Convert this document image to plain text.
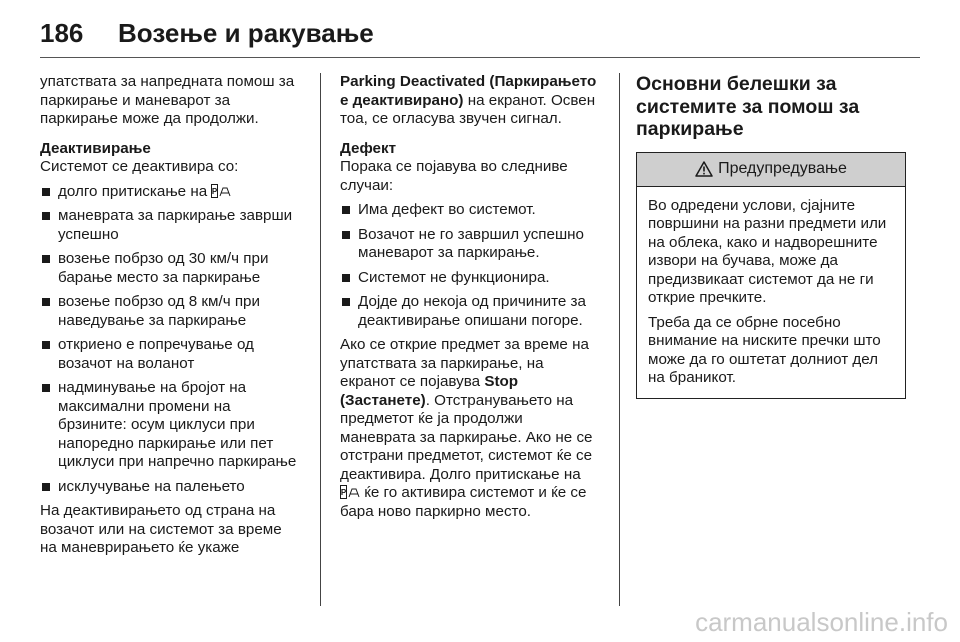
186 Возење и ракување

упатствата за напредната помош за паркирање и маневарот за паркирање може да продолжи.

Деактивирање

Системот се деактивира со:

долго притискање на P
маневрата за паркирање заврши успешно
возење побрзо од 30 км/ч при барање место за паркирање
возење побрзо од 8 км/ч при наведување за паркирање
откриено е попречување од возачот на воланот
надминување на бројот на максимални промени на брзините: осум циклуси при напоредно паркирање или пет циклуси при напречно паркирање
исклучување на палењето

На деактивирањето од страна на возачот или на системот за време на маневрирањето ќе укаже

Parking Deactivated (Паркирањето е деактивирано) на екранот. Освен тоа, се огласува звучен сигнал.

Дефект

Порака се појавува во следниве случаи:

Има дефект во системот.
Возачот не го завршил успешно маневарот за паркирање.
Системот не функционира.
Дојде до некоја од причините за деактивирање опишани погоре.

Ако се открие предмет за време на упатствата за паркирање, на екранот се појавува Stop (Застанете). Отстранувањето на предметот ќе ја продолжи маневрата за паркирање. Ако не се отстрани предметот, системот ќе се деактивира. Долго притискање на
P ќе го активира системот и ќе се бара ново паркирно место.

Основни белешки за системите за помош за паркирање

Предупредување

Во одредени услови, сјајните површини на разни предмети или на облека, како и надворешните извори на бучава, може да предизвикаат системот да не ги открие пречките.

Треба да се обрне посебно внимание на ниските пречки што може да го оштетат долниот дел на браникот.

carmanualsonline.info
